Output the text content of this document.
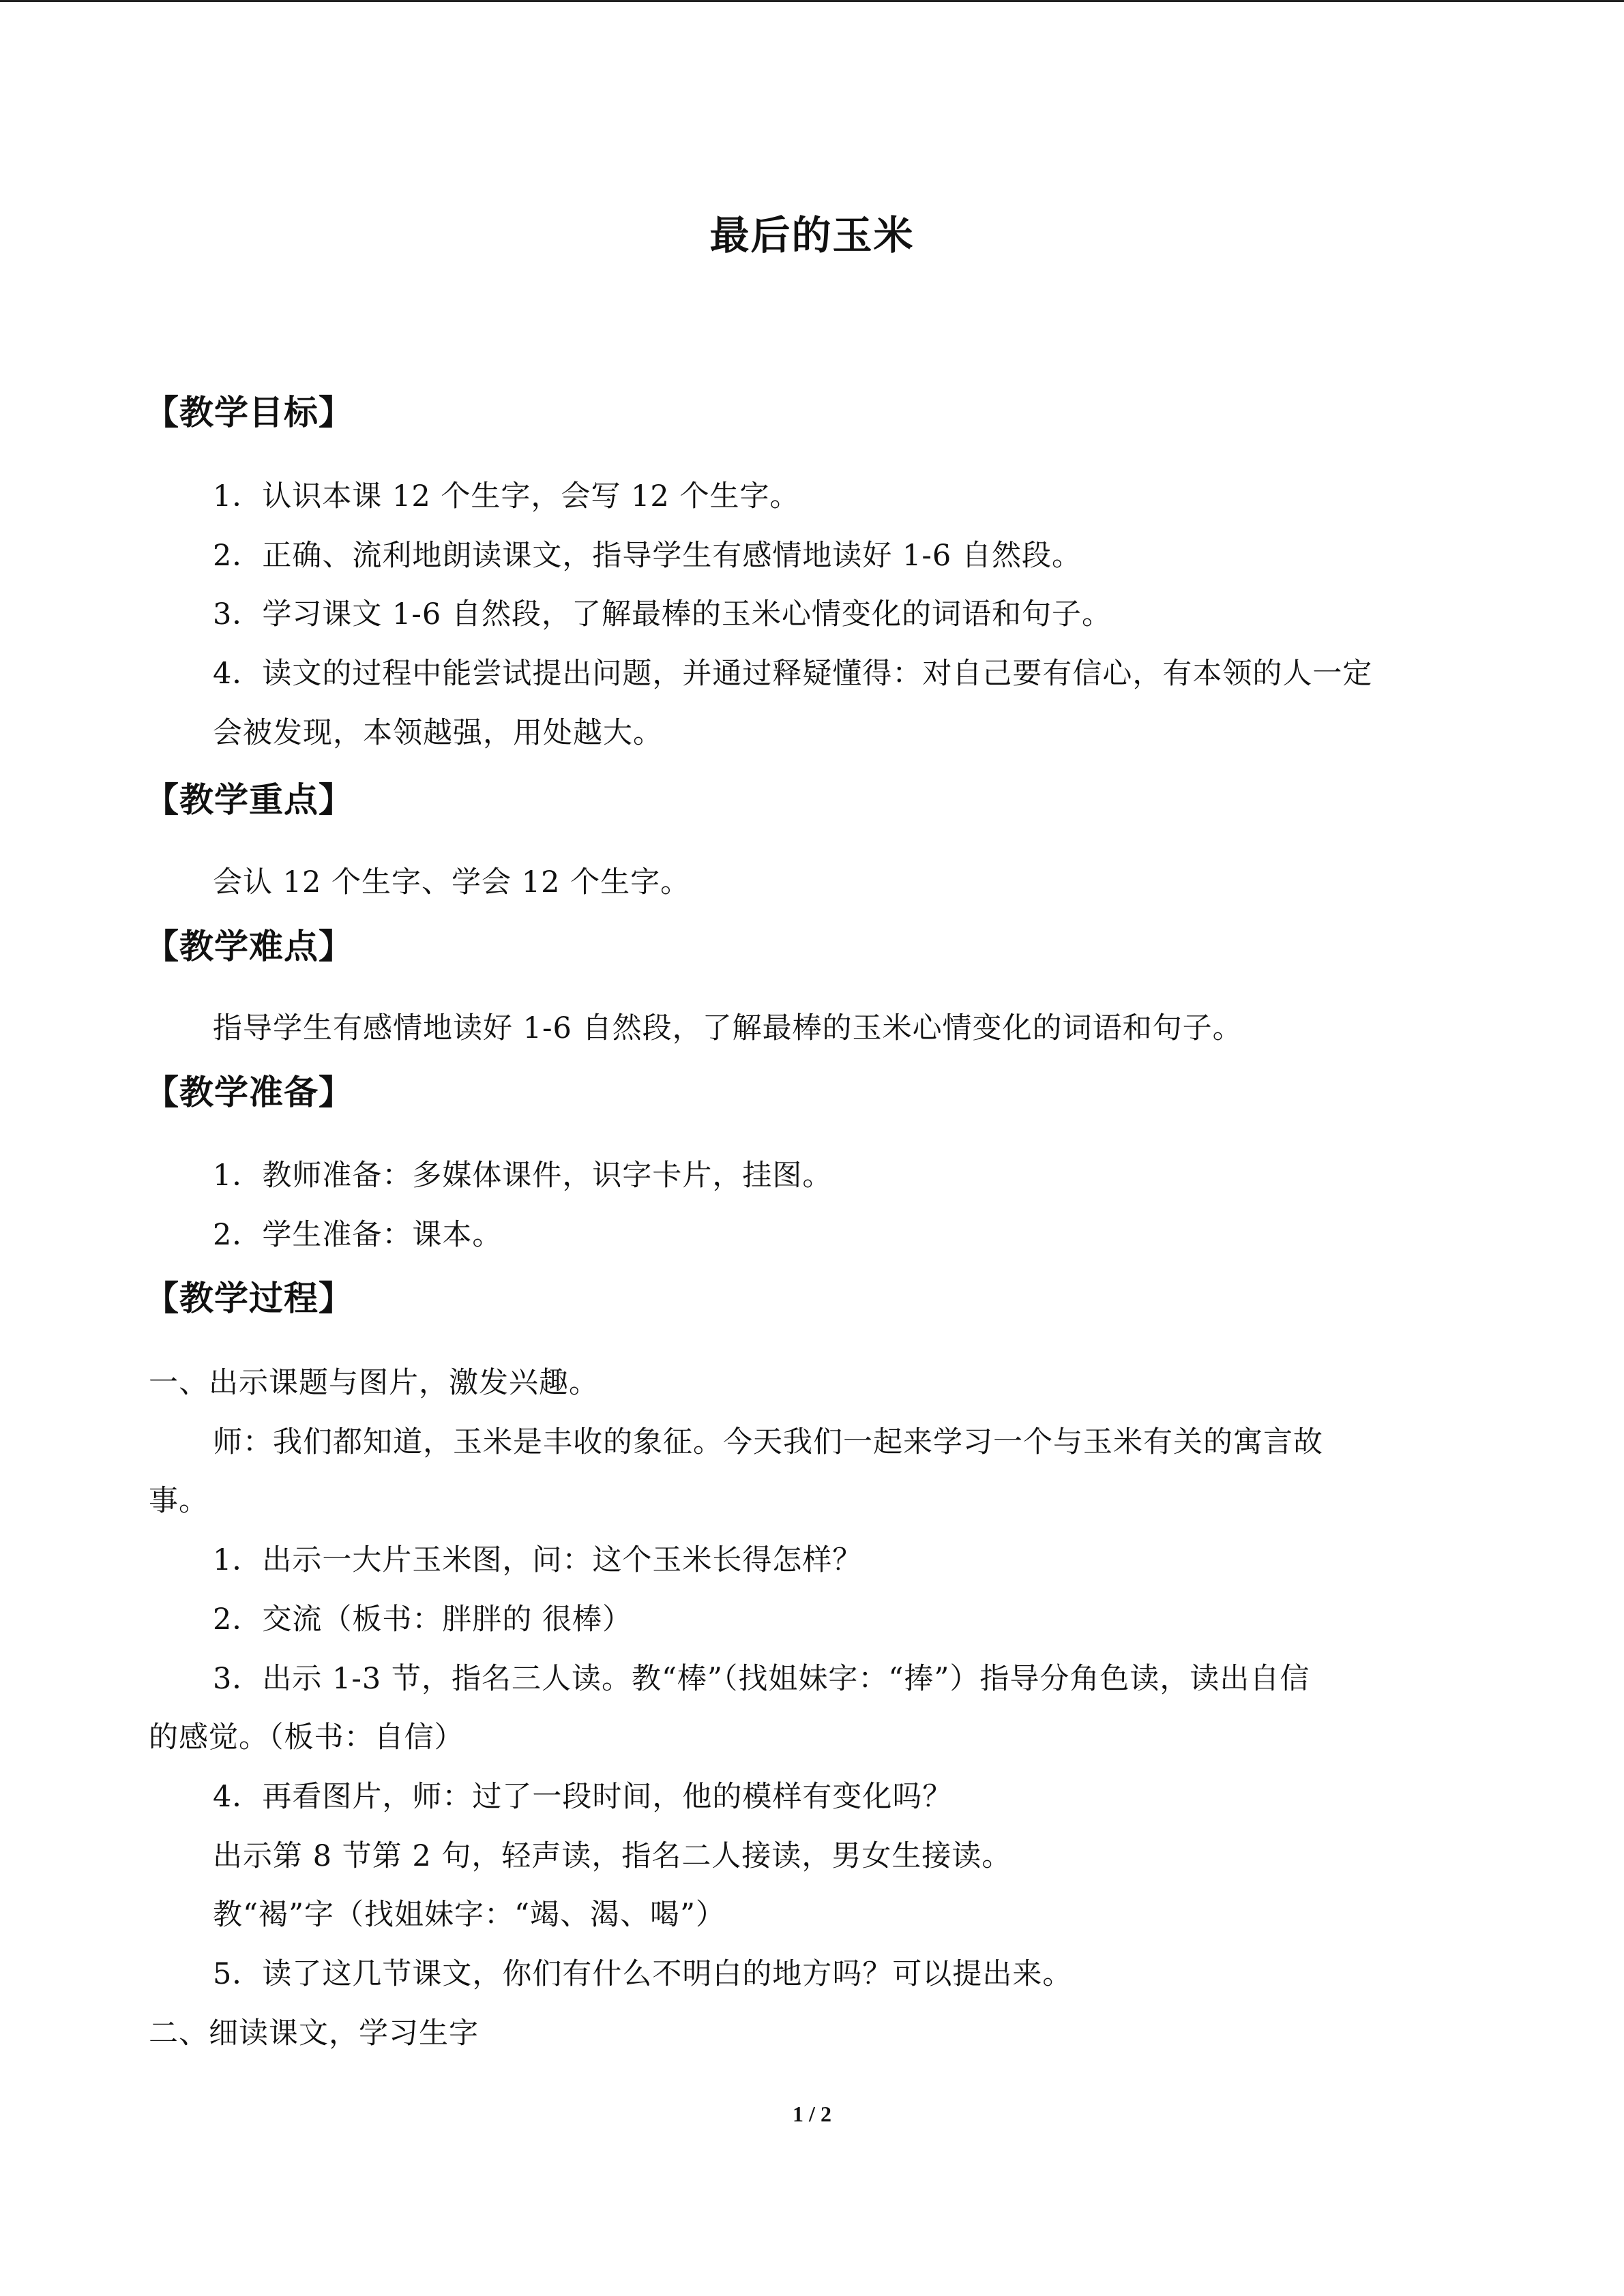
最后的玉米
【教学目标】
1．认识本课 12 个生字，会写 12 个生字。
2．正确、流利地朗读课文，指导学生有感情地读好 1-6 自然段。
3．学习课文 1-6 自然段，了解最棒的玉米心情变化的词语和句子。
4．读文的过程中能尝试提出问题，并通过释疑懂得：对自己要有信心，有本领的人一定
会被发现，本领越强，用处越大。
【教学重点】
会认 12 个生字、学会 12 个生字。
【教学难点】
指导学生有感情地读好 1-6 自然段，了解最棒的玉米心情变化的词语和句子。
【教学准备】
1．教师准备：多媒体课件，识字卡片，挂图。
2．学生准备：课本。
【教学过程】
一、出示课题与图片，激发兴趣。
师：我们都知道，玉米是丰收的象征。今天我们一起来学习一个与玉米有关的寓言故
事。
1．出示一大片玉米图，问：这个玉米长得怎样？
2．交流（板书：胖胖的 很棒）
3．出示 1-3 节，指名三人读。教“棒”（找姐妹字：“捧”）指导分角色读，读出自信
的感觉。（板书：自信）
4．再看图片，师：过了一段时间，他的模样有变化吗？
出示第 8 节第 2 句，轻声读，指名二人接读，男女生接读。
教“褐”字（找姐妹字：“竭、渴、喝”）
5．读了这几节课文，你们有什么不明白的地方吗？可以提出来。
二、细读课文，学习生字
1 / 2
